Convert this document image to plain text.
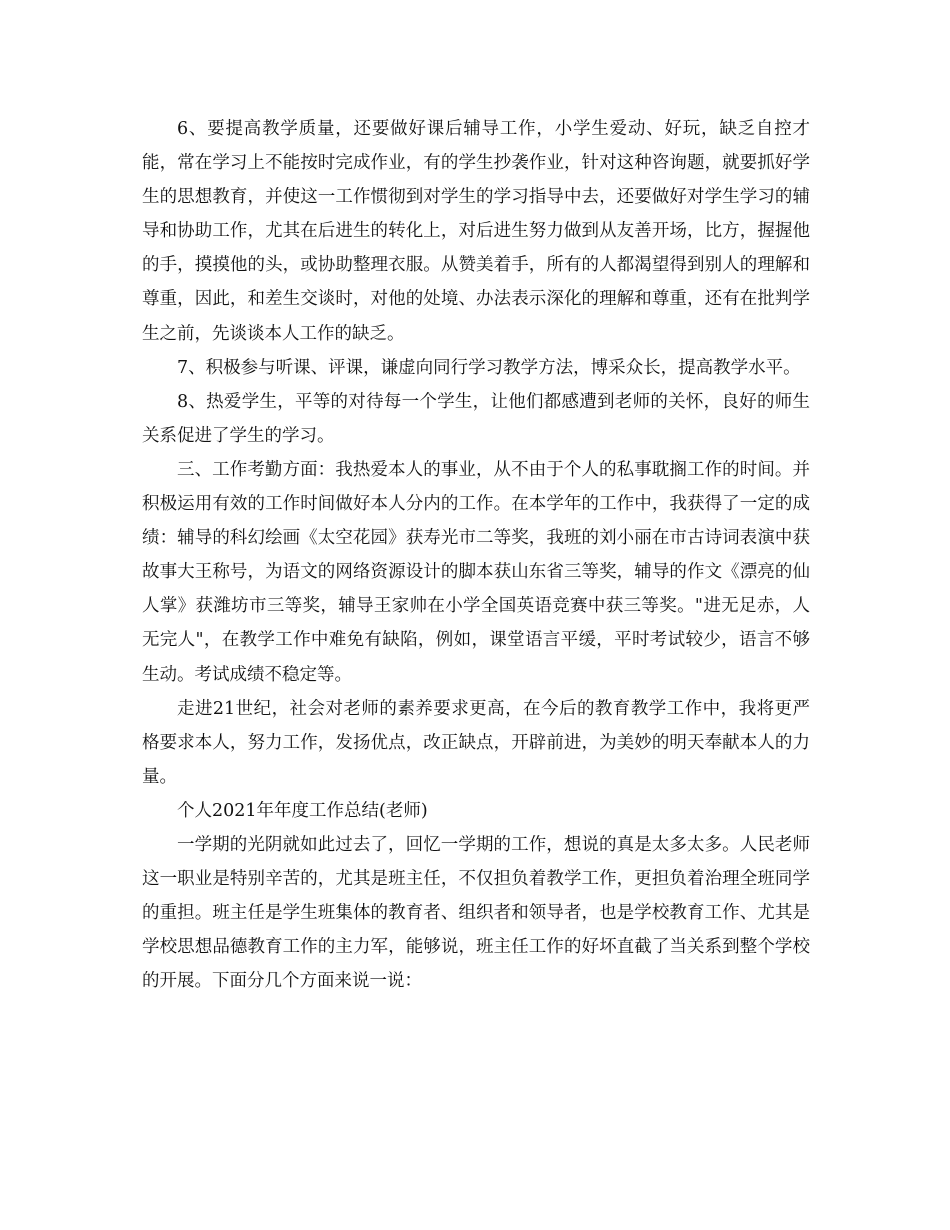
6、要提高教学质量，还要做好课后辅导工作，小学生爱动、好玩，缺乏自控才能，常在学习上不能按时完成作业，有的学生抄袭作业，针对这种咨询题，就要抓好学生的思想教育，并使这一工作惯彻到对学生的学习指导中去，还要做好对学生学习的辅导和协助工作，尤其在后进生的转化上，对后进生努力做到从友善开场，比方，握握他的手，摸摸他的头，或协助整理衣服。从赞美着手，所有的人都渴望得到别人的理解和尊重，因此，和差生交谈时，对他的处境、办法表示深化的理解和尊重，还有在批判学生之前，先谈谈本人工作的缺乏。

7、积极参与听课、评课，谦虚向同行学习教学方法，博采众长，提高教学水平。

8、热爱学生，平等的对待每一个学生，让他们都感遭到老师的关怀，良好的师生关系促进了学生的学习。

三、工作考勤方面：我热爱本人的事业，从不由于个人的私事耽搁工作的时间。并积极运用有效的工作时间做好本人分内的工作。在本学年的工作中，我获得了一定的成绩：辅导的科幻绘画《太空花园》获寿光市二等奖，我班的刘小丽在市古诗词表演中获故事大王称号，为语文的网络资源设计的脚本获山东省三等奖，辅导的作文《漂亮的仙人掌》获潍坊市三等奖，辅导王家帅在小学全国英语竞赛中获三等奖。"进无足赤，人无完人"，在教学工作中难免有缺陷，例如，课堂语言平缓，平时考试较少，语言不够生动。考试成绩不稳定等。

走进21世纪，社会对老师的素养要求更高，在今后的教育教学工作中，我将更严格要求本人，努力工作，发扬优点，改正缺点，开辟前进，为美妙的明天奉献本人的力量。

个人2021年年度工作总结(老师)

一学期的光阴就如此过去了，回忆一学期的工作，想说的真是太多太多。人民老师这一职业是特别辛苦的，尤其是班主任，不仅担负着教学工作，更担负着治理全班同学的重担。班主任是学生班集体的教育者、组织者和领导者，也是学校教育工作、尤其是学校思想品德教育工作的主力军，能够说，班主任工作的好坏直截了当关系到整个学校的开展。下面分几个方面来说一说：
